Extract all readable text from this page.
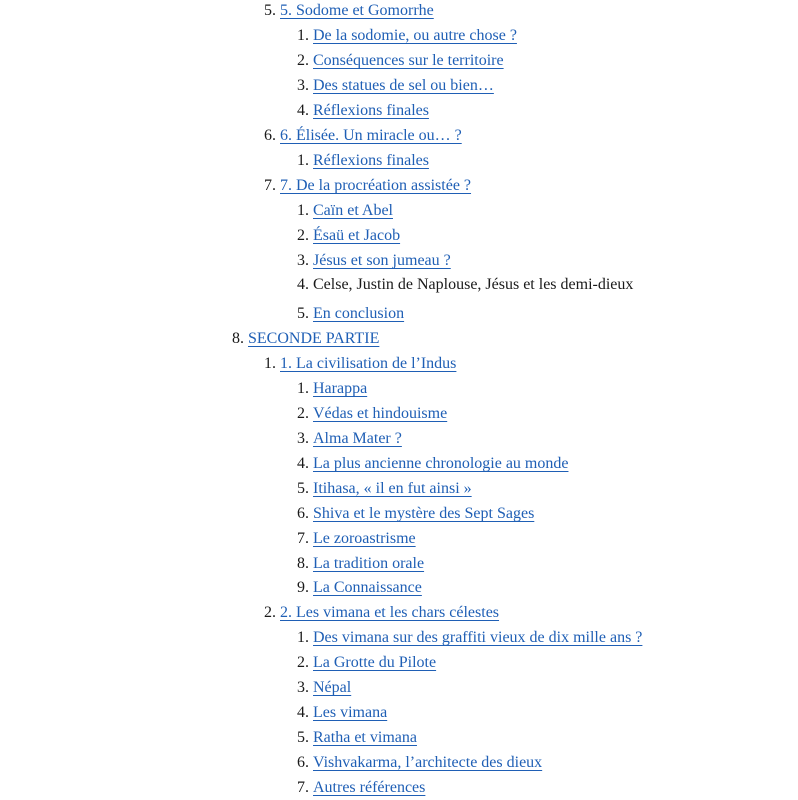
5. 5. Sodome et Gomorrhe
1. De la sodomie, ou autre chose ?
2. Conséquences sur le territoire
3. Des statues de sel ou bien…
4. Réflexions finales
6. 6. Élisée. Un miracle ou… ?
1. Réflexions finales
7. 7. De la procréation assistée ?
1. Caïn et Abel
2. Ésaü et Jacob
3. Jésus et son jumeau ?
4. Celse, Justin de Naplouse, Jésus et les demi-dieux
5. En conclusion
8. SECONDE PARTIE
1. 1. La civilisation de l’Indus
1. Harappa
2. Védas et hindouisme
3. Alma Mater ?
4. La plus ancienne chronologie au monde
5. Itihasa, « il en fut ainsi »
6. Shiva et le mystère des Sept Sages
7. Le zoroastrisme
8. La tradition orale
9. La Connaissance
2. 2. Les vimana et les chars célestes
1. Des vimana sur des graffiti vieux de dix mille ans ?
2. La Grotte du Pilote
3. Népal
4. Les vimana
5. Ratha et vimana
6. Vishvakarma, l’architecte des dieux
7. Autres références
